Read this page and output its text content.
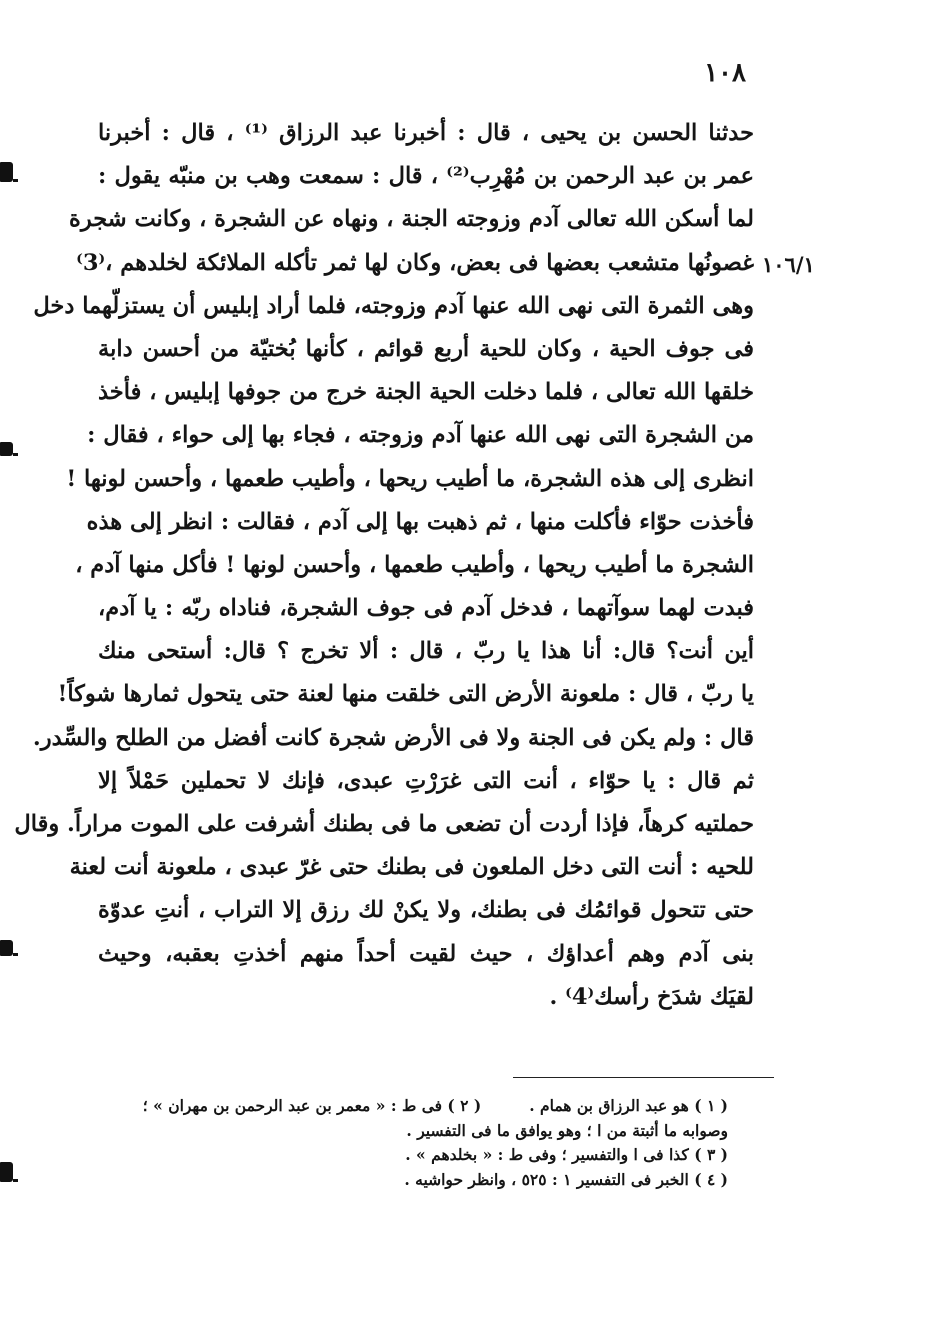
١٠٨
١٠٦/١
حدثنا الحسن بن يحيى ، قال : أخبرنا عبد الرزاق ⁽¹⁾ ، قال : أخبرنا
عمر بن عبد الرحمن بن مُهْرِب⁽²⁾ ، قال : سمعت وهب بن منبّه يقول :
لما أسكن الله تعالى آدم وزوجته الجنة ، ونهاه عن الشجرة ، وكانت شجرة
غصونُها متشعب بعضها فى بعض، وكان لها ثمر تأكله الملائكة لخلدهم ،⁽3⁾
وهى الثمرة التى نهى الله عنها آدم وزوجته، فلما أراد إبليس أن يستزلّهما دخل
فى جوف الحية ، وكان للحية أربع قوائم ، كأنها بُختيّة من أحسن دابة
خلقها الله تعالى ، فلما دخلت الحية الجنة خرج من جوفها إبليس ، فأخذ
من الشجرة التى نهى الله عنها آدم وزوجته ، فجاء بها إلى حواء ، فقال :
انظرى إلى هذه الشجرة، ما أطيب ريحها ، وأطيب طعمها ، وأحسن لونها !
فأخذت حوّاء فأكلت منها ، ثم ذهبت بها إلى آدم ، فقالت : انظر إلى هذه
الشجرة ما أطيب ريحها ، وأطيب طعمها ، وأحسن لونها ! فأكل منها آدم ،
فبدت لهما سوآتهما ، فدخل آدم فى جوف الشجرة، فناداه ربّه : يا آدم،
أين أنت؟ قال: أنا هذا يا ربّ ، قال : ألا تخرج ؟ قال: أستحى منك
يا ربّ ، قال : ملعونة الأرض التى خلقت منها لعنة حتى يتحول ثمارها شوكاً!
قال : ولم يكن فى الجنة ولا فى الأرض شجرة كانت أفضل من الطلح والسِّدر.
ثم قال : يا حوّاء ، أنت التى غرَرْتِ عبدى، فإنك لا تحملين حَمْلاً إلا
حملتيه كرهاً، فإذا أردت أن تضعى ما فى بطنك أشرفت على الموت مراراً. وقال
للحيه : أنت التى دخل الملعون فى بطنك حتى غرّ عبدى ، ملعونة أنت لعنة
حتى تتحول قوائمُك فى بطنك، ولا يكنْ لك رزق إلا التراب ، أنتِ عدوّة
بنى آدم وهم أعداؤك ، حيث لقيت أحداً منهم أخذتِ بعقبه، وحيث
لقيَك شدَخ رأسك⁽4⁾ .
( ١ ) هو عبد الرزاق بن همام .( ٢ ) فى ط : « معمر بن عبد الرحمن بن مهران » ؛
وصوابه ما أثبتة من ا ؛ وهو يوافق ما فى التفسير .
( ٣ ) كذا فى ا والتفسير ؛ وفى ط : « بخلدهم » .
( ٤ ) الخبر فى التفسير ١ : ٥٢٥ ، وانظر حواشيه .
